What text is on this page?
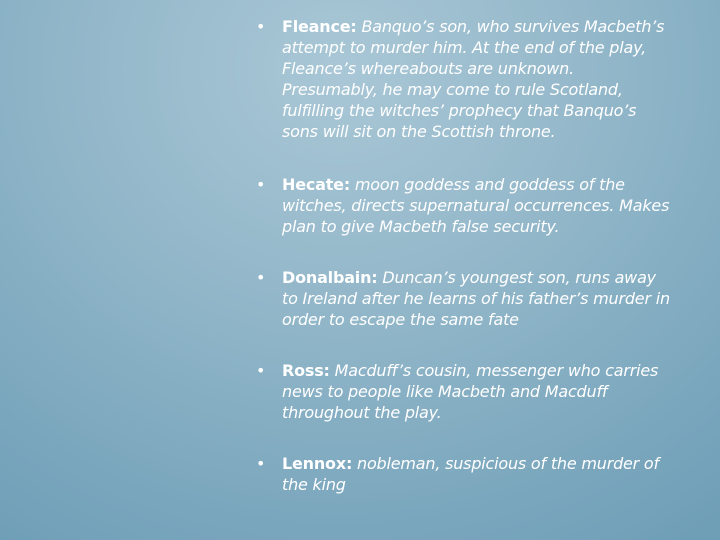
• Fleance: Banquo’s son, who survives Macbeth’s attempt to murder him. At the end of the play, Fleance’s whereabouts are unknown. Presumably, he may come to rule Scotland, fulfilling the witches’ prophecy that Banquo’s sons will sit on the Scottish throne.
• Hecate: moon goddess and goddess of the witches, directs supernatural occurrences. Makes plan to give Macbeth false security.
• Donalbain: Duncan’s youngest son, runs away to Ireland after he learns of his father’s murder in order to escape the same fate
• Ross: Macduff’s cousin, messenger who carries news to people like Macbeth and Macduff throughout the play.
• Lennox: nobleman, suspicious of the murder of the king
